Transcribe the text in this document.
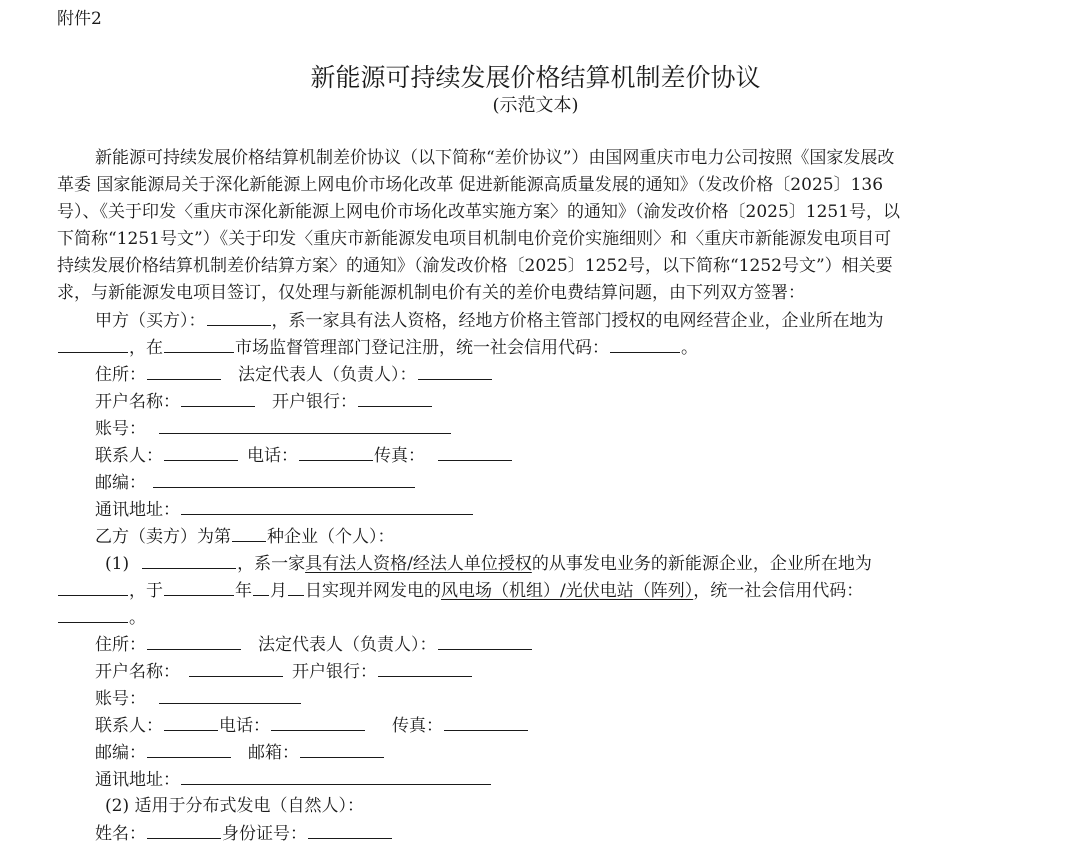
附件2
新能源可持续发展价格结算机制差价协议
(示范文本)
新能源可持续发展价格结算机制差价协议（以下简称“差价协议”）由国网重庆市电力公司按照《国家发展改
革委 国家能源局关于深化新能源上网电价市场化改革 促进新能源高质量发展的通知》（发改价格〔2025〕136
号）、《关于印发〈重庆市深化新能源上网电价市场化改革实施方案〉的通知》（渝发改价格〔2025〕1251号，以
下简称“1251号文”）《关于印发〈重庆市新能源发电项目机制电价竞价实施细则〉和〈重庆市新能源发电项目可
持续发展价格结算机制差价结算方案〉的通知》（渝发改价格〔2025〕1252号，以下简称“1252号文”）相关要
求，与新能源发电项目签订，仅处理与新能源机制电价有关的差价电费结算问题，由下列双方签署：
甲方（买方）：	，系一家具有法人资格，经地方价格主管部门授权的电网经营企业，企业所在地为
，在	市场监督管理部门登记注册，统一社会信用代码：	。
住所：	法定代表人（负责人）：
开户名称：	开户银行：
账号：
联系人：	电话：	传真：
邮编：
通讯地址：
乙方（卖方）为第 种企业（个人）：
(1)	，系一家具有法人资格/经法人单位授权的从事发电业务的新能源企业，企业所在地为
，于	年 月 日实现并网发电的风电场（机组）/光伏电站（阵列），统一社会信用代码：
。
住所：	法定代表人（负责人）：
开户名称：	开户银行：
账号：
联系人：	电话：	传真：
邮编：	邮箱：
通讯地址：
(2) 适用于分布式发电（自然人）：
姓名：	身份证号：
